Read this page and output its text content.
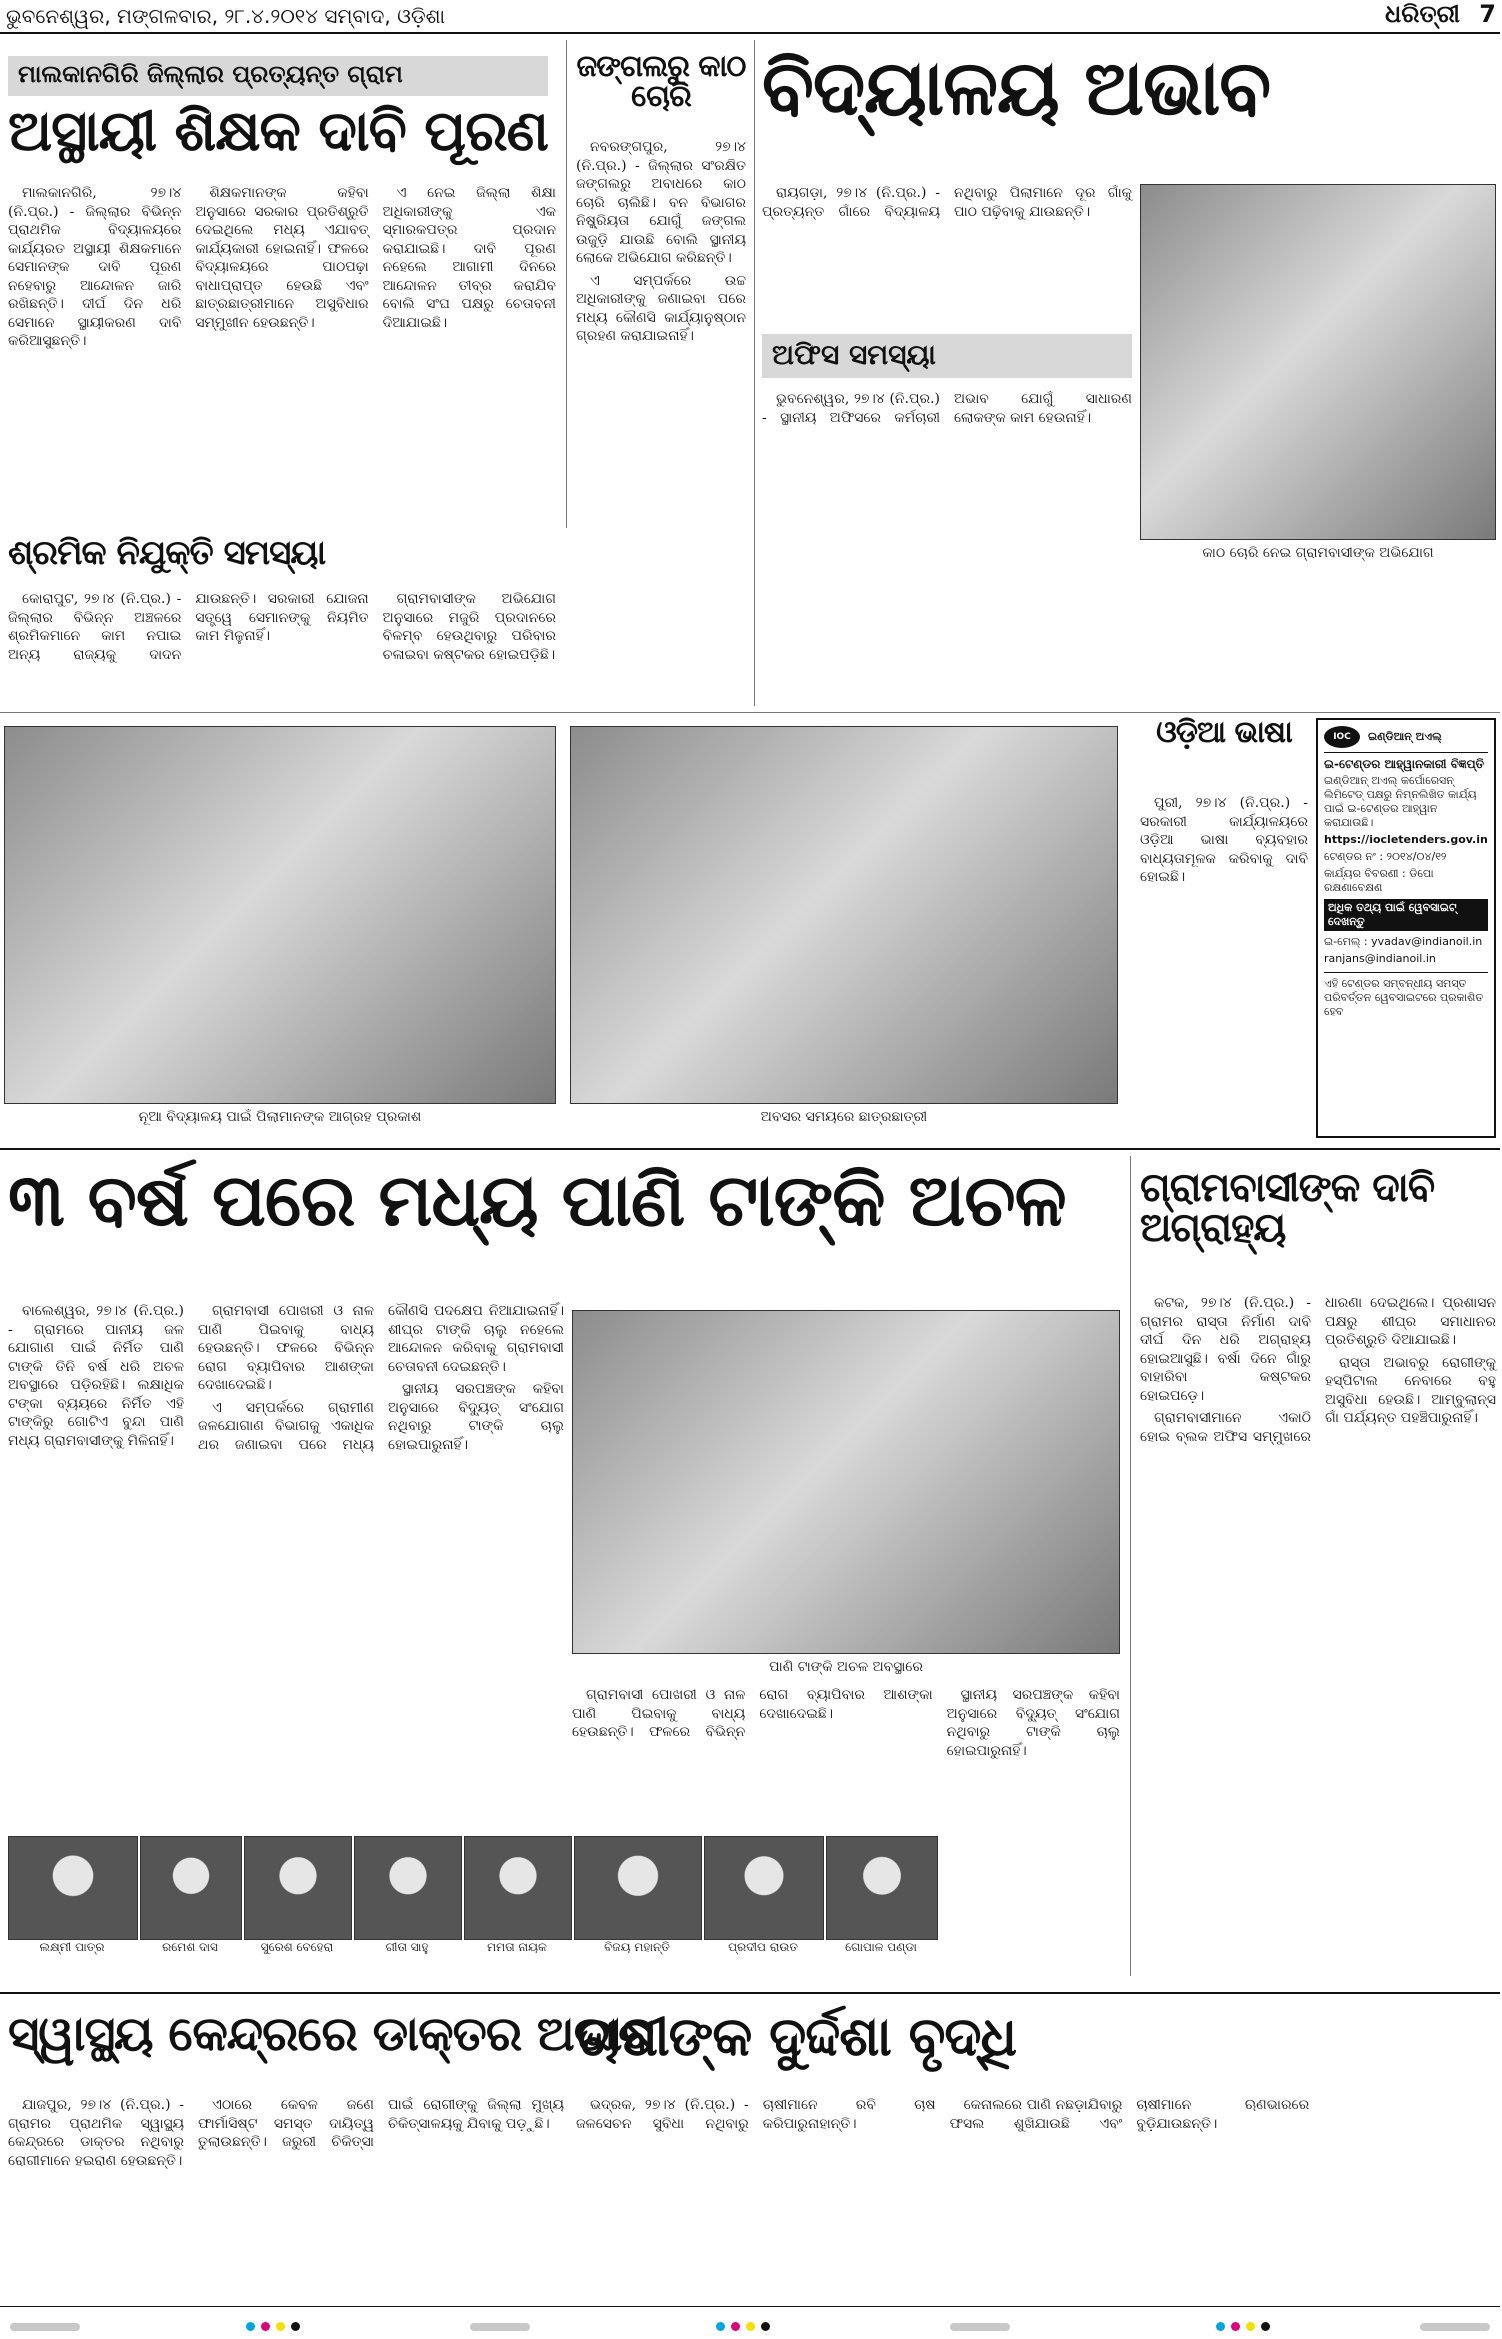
ଭୁବନେଶ୍ୱର, ମଙ୍ଗଳବାର, ୨୮.୪.୨୦୧୪ ସମ୍ବାଦ, ଓଡ଼ିଶା	ଧରିତ୍ରୀ 7
ମାଲକାନଗିରି ଜିଲ୍ଲାର ପ୍ରତ୍ୟନ୍ତ ଗ୍ରାମ
ଅସ୍ଥାୟୀ ଶିକ୍ଷକ ଦାବି ପୂରଣ

ମାଲକାନଗିରି, ୨୭।୪ (ନି.ପ୍ର.) - ଜିଲ୍ଲାର ବିଭିନ୍ନ ପ୍ରାଥମିକ ବିଦ୍ୟାଳୟରେ କାର୍ଯ୍ୟରତ ଅସ୍ଥାୟୀ ଶିକ୍ଷକମାନେ ସେମାନଙ୍କ ଦାବି ପୂରଣ ନହେବାରୁ ଆନ୍ଦୋଳନ ଜାରି ରଖିଛନ୍ତି। ଦୀର୍ଘ ଦିନ ଧରି ସେମାନେ ସ୍ଥାୟୀକରଣ ଦାବି କରିଆସୁଛନ୍ତି।

ଶିକ୍ଷକମାନଙ୍କ କହିବା ଅନୁସାରେ ସରକାର ପ୍ରତିଶ୍ରୁତି ଦେଇଥିଲେ ମଧ୍ୟ ଏଯାବତ୍ କାର୍ଯ୍ୟକାରୀ ହୋଇନାହିଁ। ଫଳରେ ବିଦ୍ୟାଳୟରେ ପାଠପଢ଼ା ବାଧାପ୍ରାପ୍ତ ହେଉଛି ଏବଂ ଛାତ୍ରଛାତ୍ରୀମାନେ ଅସୁବିଧାର ସମ୍ମୁଖୀନ ହେଉଛନ୍ତି।

ଏ ନେଇ ଜିଲ୍ଲା ଶିକ୍ଷା ଅଧିକାରୀଙ୍କୁ ଏକ ସ୍ମାରକପତ୍ର ପ୍ରଦାନ କରାଯାଇଛି। ଦାବି ପୂରଣ ନହେଲେ ଆଗାମୀ ଦିନରେ ଆନ୍ଦୋଳନ ତୀବ୍ର କରାଯିବ ବୋଲି ସଂଘ ପକ୍ଷରୁ ଚେତାବନୀ ଦିଆଯାଇଛି।

ଶ୍ରମିକ ନିଯୁକ୍ତି ସମସ୍ୟା

କୋରାପୁଟ, ୨୭।୪ (ନି.ପ୍ର.) - ଜିଲ୍ଲାର ବିଭିନ୍ନ ଅଞ୍ଚଳରେ ଶ୍ରମିକମାନେ କାମ ନପାଇ ଅନ୍ୟ ରାଜ୍ୟକୁ ଦାଦନ ଯାଉଛନ୍ତି। ସରକାରୀ ଯୋଜନା ସତ୍ତ୍ୱେ ସେମାନଙ୍କୁ ନିୟମିତ କାମ ମିଳୁନାହିଁ।

ଗ୍ରାମବାସୀଙ୍କ ଅଭିଯୋଗ ଅନୁସାରେ ମଜୁରି ପ୍ରଦାନରେ ବିଳମ୍ବ ହେଉଥିବାରୁ ପରିବାର ଚଳାଇବା କଷ୍ଟକର ହୋଇପଡ଼ିଛି।

ଜଙ୍ଗଲରୁ କାଠ ଚୋରି

ନବରଙ୍ଗପୁର, ୨୭।୪ (ନି.ପ୍ର.) - ଜିଲ୍ଲାର ସଂରକ୍ଷିତ ଜଙ୍ଗଲରୁ ଅବାଧରେ କାଠ ଚୋରି ଚାଲିଛି। ବନ ବିଭାଗର ନିଷ୍କ୍ରିୟତା ଯୋଗୁଁ ଜଙ୍ଗଲ ଉଜୁଡ଼ି ଯାଉଛି ବୋଲି ସ୍ଥାନୀୟ ଲୋକେ ଅଭିଯୋଗ କରିଛନ୍ତି।

ଏ ସମ୍ପର୍କରେ ଉଚ୍ଚ ଅଧିକାରୀଙ୍କୁ ଜଣାଇବା ପରେ ମଧ୍ୟ କୌଣସି କାର୍ଯ୍ୟାନୁଷ୍ଠାନ ଗ୍ରହଣ କରାଯାଇନାହିଁ।

ବିଦ୍ୟାଳୟ ଅଭାବ

ରାୟଗଡ଼ା, ୨୭।୪ (ନି.ପ୍ର.) - ପ୍ରତ୍ୟନ୍ତ ଗାଁରେ ବିଦ୍ୟାଳୟ ନଥିବାରୁ ପିଲାମାନେ ଦୂର ଗାଁକୁ ପାଠ ପଢ଼ିବାକୁ ଯାଉଛନ୍ତି।

ଅଫିସ ସମସ୍ୟା

ଭୁବନେଶ୍ୱର, ୨୭।୪ (ନି.ପ୍ର.) - ସ୍ଥାନୀୟ ଅଫିସରେ କର୍ମଚାରୀ ଅଭାବ ଯୋଗୁଁ ସାଧାରଣ ଲୋକଙ୍କ କାମ ହେଉନାହିଁ।

କାଠ ଚୋରି ନେଇ ଗ୍ରାମବାସୀଙ୍କ ଅଭିଯୋଗ
ନୂଆ ବିଦ୍ୟାଳୟ ପାଇଁ ପିଲାମାନଙ୍କ ଆଗ୍ରହ ପ୍ରକାଶ	ଅବସର ସମୟରେ ଛାତ୍ରଛାତ୍ରୀ
IOC	ଇଣ୍ଡିଆନ୍ ଅଏଲ୍

ଇ-ଟେଣ୍ଡର ଆହ୍ୱାନକାରୀ ବିଜ୍ଞପ୍ତି

ଇଣ୍ଡିଆନ୍ ଅଏଲ୍ କର୍ପୋରେସନ୍ ଲିମିଟେଡ୍ ପକ୍ଷରୁ ନିମ୍ନଲିଖିତ କାର୍ଯ୍ୟ ପାଇଁ ଇ-ଟେଣ୍ଡର ଆହ୍ୱାନ କରାଯାଉଛି।

https://iocletenders.gov.in

ଟେଣ୍ଡର ନଂ : ୨୦୧୪/୦୪/୧୨

କାର୍ଯ୍ୟର ବିବରଣୀ : ଡିପୋ ରକ୍ଷଣାବେକ୍ଷଣ

ଅଧିକ ତଥ୍ୟ ପାଇଁ ୱେବସାଇଟ୍ ଦେଖନ୍ତୁ

ଇ-ମେଲ୍ : yvadav@indianoil.in

ranjans@indianoil.in

ଏହି ଟେଣ୍ଡର ସମ୍ବନ୍ଧୀୟ ସମସ୍ତ ପରିବର୍ତ୍ତନ ୱେବସାଇଟରେ ପ୍ରକାଶିତ ହେବ

ଓଡ଼ିଆ ଭାଷା

ପୁରୀ, ୨୭।୪ (ନି.ପ୍ର.) - ସରକାରୀ କାର୍ଯ୍ୟାଳୟରେ ଓଡ଼ିଆ ଭାଷା ବ୍ୟବହାର ବାଧ୍ୟତାମୂଳକ କରିବାକୁ ଦାବି ହୋଇଛି।

୩ ବର୍ଷ ପରେ ମଧ୍ୟ ପାଣି ଟାଙ୍କି ଅଚଳ

ବାଲେଶ୍ୱର, ୨୭।୪ (ନି.ପ୍ର.) - ଗ୍ରାମରେ ପାନୀୟ ଜଳ ଯୋଗାଣ ପାଇଁ ନିର୍ମିତ ପାଣି ଟାଙ୍କି ତିନି ବର୍ଷ ଧରି ଅଚଳ ଅବସ୍ଥାରେ ପଡ଼ିରହିଛି। ଲକ୍ଷାଧିକ ଟଙ୍କା ବ୍ୟୟରେ ନିର୍ମିତ ଏହି ଟାଙ୍କିରୁ ଗୋଟିଏ ବୁନ୍ଦା ପାଣି ମଧ୍ୟ ଗ୍ରାମବାସୀଙ୍କୁ ମିଳିନାହିଁ।

ଗ୍ରାମବାସୀ ପୋଖରୀ ଓ ନାଳ ପାଣି ପିଇବାକୁ ବାଧ୍ୟ ହେଉଛନ୍ତି। ଫଳରେ ବିଭିନ୍ନ ରୋଗ ବ୍ୟାପିବାର ଆଶଙ୍କା ଦେଖାଦେଇଛି।

ଏ ସମ୍ପର୍କରେ ଗ୍ରାମୀଣ ଜଳଯୋଗାଣ ବିଭାଗକୁ ଏକାଧିକ ଥର ଜଣାଇବା ପରେ ମଧ୍ୟ କୌଣସି ପଦକ୍ଷେପ ନିଆଯାଇନାହିଁ। ଶୀଘ୍ର ଟାଙ୍କି ଚାଲୁ ନହେଲେ ଆନ୍ଦୋଳନ କରିବାକୁ ଗ୍ରାମବାସୀ ଚେତାବନୀ ଦେଇଛନ୍ତି।

ସ୍ଥାନୀୟ ସରପଞ୍ଚଙ୍କ କହିବା ଅନୁସାରେ ବିଦ୍ୟୁତ୍ ସଂଯୋଗ ନଥିବାରୁ ଟାଙ୍କି ଚାଲୁ ହୋଇପାରୁନାହିଁ।

ପାଣି ଟାଙ୍କି ଅଚଳ ଅବସ୍ଥାରେ

ଗ୍ରାମବାସୀ ପୋଖରୀ ଓ ନାଳ ପାଣି ପିଇବାକୁ ବାଧ୍ୟ ହେଉଛନ୍ତି। ଫଳରେ ବିଭିନ୍ନ ରୋଗ ବ୍ୟାପିବାର ଆଶଙ୍କା ଦେଖାଦେଇଛି।

ସ୍ଥାନୀୟ ସରପଞ୍ଚଙ୍କ କହିବା ଅନୁସାରେ ବିଦ୍ୟୁତ୍ ସଂଯୋଗ ନଥିବାରୁ ଟାଙ୍କି ଚାଲୁ ହୋଇପାରୁନାହିଁ।

ଲକ୍ଷ୍ମୀ ପାତ୍ର	ରମେଶ ଦାସ	ସୁରେଶ ବେହେରା	ଗୀତା ସାହୁ	ମମତା ନାୟକ	ବିଜୟ ମହାନ୍ତି	ପ୍ରଦୀପ ରାଉତ	ଗୋପାଳ ପଣ୍ଡା
ଗ୍ରାମବାସୀଙ୍କ ଦାବି ଅଗ୍ରାହ୍ୟ

କଟକ, ୨୭।୪ (ନି.ପ୍ର.) - ଗ୍ରାମର ରାସ୍ତା ନିର୍ମାଣ ଦାବି ଦୀର୍ଘ ଦିନ ଧରି ଅଗ୍ରାହ୍ୟ ହୋଇଆସୁଛି। ବର୍ଷା ଦିନେ ଗାଁରୁ ବାହାରିବା କଷ୍ଟକର ହୋଇପଡ଼େ।

ଗ୍ରାମବାସୀମାନେ ଏକାଠି ହୋଇ ବ୍ଲକ ଅଫିସ ସମ୍ମୁଖରେ ଧାରଣା ଦେଇଥିଲେ। ପ୍ରଶାସନ ପକ୍ଷରୁ ଶୀଘ୍ର ସମାଧାନର ପ୍ରତିଶ୍ରୁତି ଦିଆଯାଇଛି।

ରାସ୍ତା ଅଭାବରୁ ରୋଗୀଙ୍କୁ ହସ୍ପିଟାଲ ନେବାରେ ବହୁ ଅସୁବିଧା ହେଉଛି। ଆମ୍ବୁଲାନ୍ସ ଗାଁ ପର୍ଯ୍ୟନ୍ତ ପହଞ୍ଚିପାରୁନାହିଁ।

ସ୍ୱାସ୍ଥ୍ୟ କେନ୍ଦ୍ରରେ ଡାକ୍ତର ଅଭାବ

ଯାଜପୁର, ୨୭।୪ (ନି.ପ୍ର.) - ଗ୍ରାମର ପ୍ରାଥମିକ ସ୍ୱାସ୍ଥ୍ୟ କେନ୍ଦ୍ରରେ ଡାକ୍ତର ନଥିବାରୁ ରୋଗୀମାନେ ହଇରାଣ ହେଉଛନ୍ତି।

ଏଠାରେ କେବଳ ଜଣେ ଫାର୍ମାସିଷ୍ଟ ସମସ୍ତ ଦାୟିତ୍ୱ ତୁଲାଉଛନ୍ତି। ଜରୁରୀ ଚିକିତ୍ସା ପାଇଁ ରୋଗୀଙ୍କୁ ଜିଲ୍ଲା ମୁଖ୍ୟ ଚିକିତ୍ସାଳୟକୁ ଯିବାକୁ ପଡ଼ୁଛି।

ଚାଷୀଙ୍କ ଦୁର୍ଦ୍ଦଶା ବୃଦ୍ଧି

ଭଦ୍ରକ, ୨୭।୪ (ନି.ପ୍ର.) - ଜଳସେଚନ ସୁବିଧା ନଥିବାରୁ ଚାଷୀମାନେ ରବି ଚାଷ କରିପାରୁନାହାନ୍ତି।

କେନାଲରେ ପାଣି ନଛଡ଼ାଯିବାରୁ ଫସଲ ଶୁଖିଯାଉଛି ଏବଂ ଚାଷୀମାନେ ଋଣଭାରରେ ବୁଡ଼ିଯାଉଛନ୍ତି।
